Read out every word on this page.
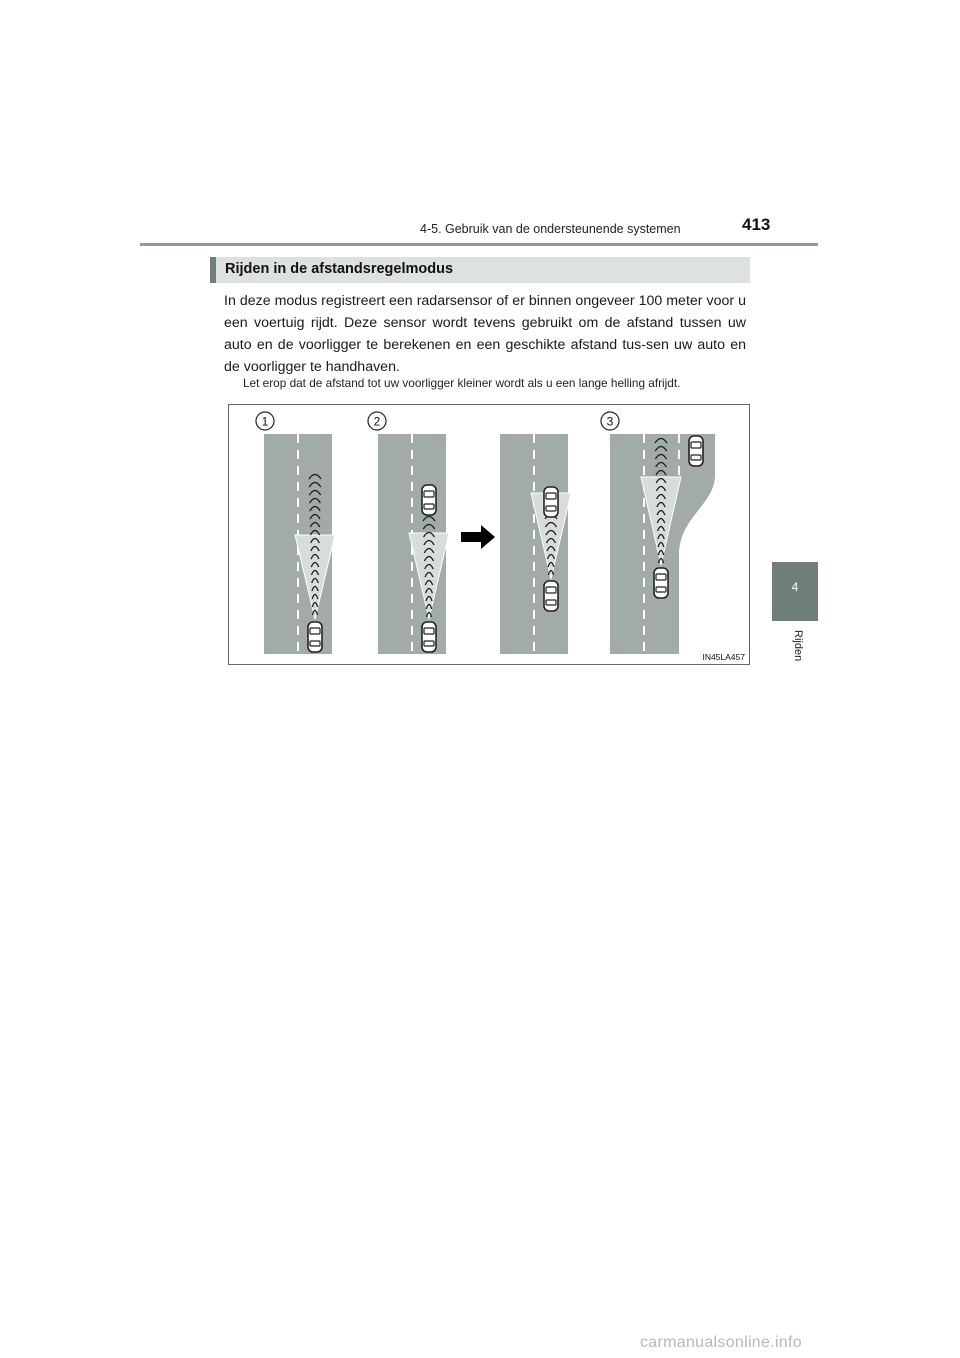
4-5. Gebruik van de ondersteunende systemen	413
4
Rijden
Rijden in de afstandsregelmodus
In deze modus registreert een radarsensor of er binnen ongeveer 100 meter voor u een voertuig rijdt. Deze sensor wordt tevens gebruikt om de afstand tussen uw auto en de voorligger te berekenen en een geschikte afstand tus-sen uw auto en de voorligger te handhaven.
Let erop dat de afstand tot uw voorligger kleiner wordt als u een lange helling afrijdt.
1	2	3
IN45LA457
carmanualsonline.info
